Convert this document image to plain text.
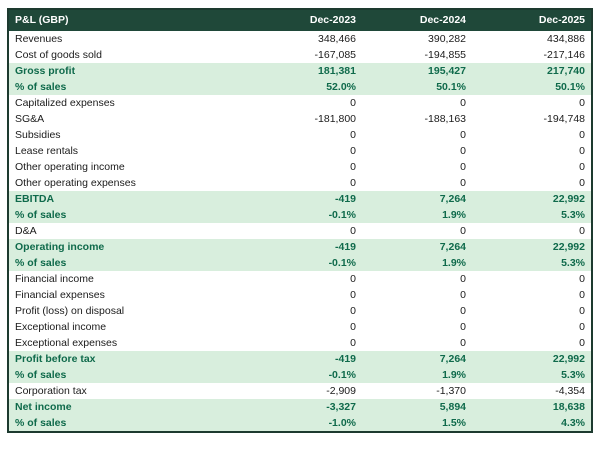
P&L (GBP)	Dec-2023	Dec-2024	Dec-2025
Revenues	348,466	390,282	434,886
Cost of goods sold	-167,085	-194,855	-217,146
Gross profit	181,381	195,427	217,740
% of sales	52.0%	50.1%	50.1%
Capitalized expenses	0	0	0
SG&A	-181,800	-188,163	-194,748
Subsidies	0	0	0
Lease rentals	0	0	0
Other operating income	0	0	0
Other operating expenses	0	0	0
EBITDA	-419	7,264	22,992
% of sales	-0.1%	1.9%	5.3%
D&A	0	0	0
Operating income	-419	7,264	22,992
% of sales	-0.1%	1.9%	5.3%
Financial income	0	0	0
Financial expenses	0	0	0
Profit (loss) on disposal	0	0	0
Exceptional income	0	0	0
Exceptional expenses	0	0	0
Profit before tax	-419	7,264	22,992
% of sales	-0.1%	1.9%	5.3%
Corporation tax	-2,909	-1,370	-4,354
Net income	-3,327	5,894	18,638
% of sales	-1.0%	1.5%	4.3%
